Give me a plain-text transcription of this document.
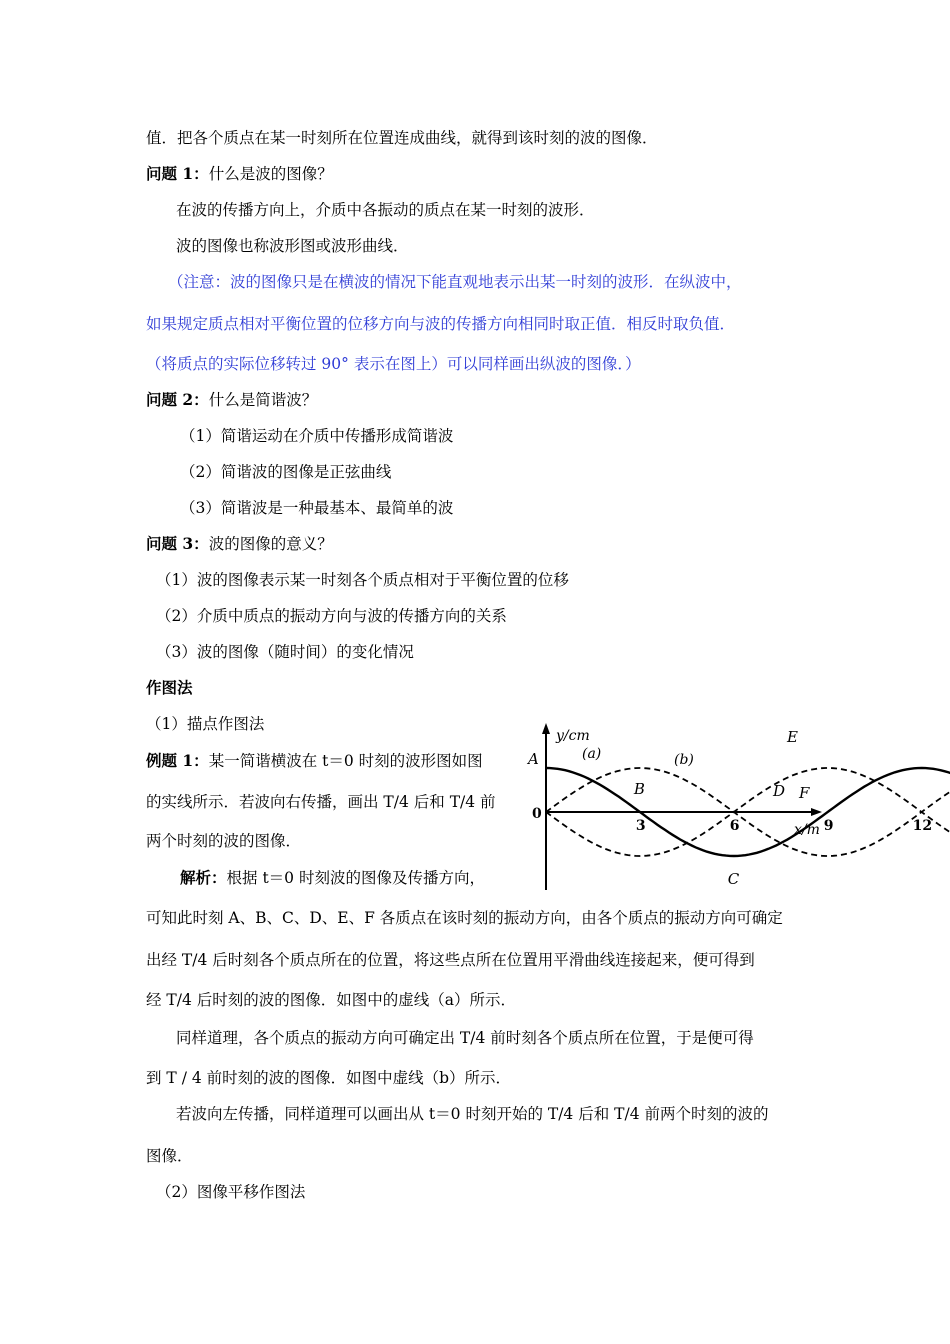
值．把各个质点在某一时刻所在位置连成曲线，就得到该时刻的波的图像．
问题 1：什么是波的图像？
在波的传播方向上，介质中各振动的质点在某一时刻的波形．
波的图像也称波形图或波形曲线．
（注意：波的图像只是在横波的情况下能直观地表示出某一时刻的波形．在纵波中，
如果规定质点相对平衡位置的位移方向与波的传播方向相同时取正值．相反时取负值．
（将质点的实际位移转过 90° 表示在图上）可以同样画出纵波的图像．）
问题 2：什么是简谐波？
（1）简谐运动在介质中传播形成简谐波
（2）简谐波的图像是正弦曲线
（3）简谐波是一种最基本、最简单的波
问题 3：波的图像的意义？
（1）波的图像表示某一时刻各个质点相对于平衡位置的位移
（2）介质中质点的振动方向与波的传播方向的关系
（3）波的图像（随时间）的变化情况
作图法
（1）描点作图法
例题 1：某一简谐横波在 t＝0 时刻的波形图如图
的实线所示．若波向右传播，画出 T/4 后和 T/4 前
两个时刻的波的图像．
解析：根据 t＝0 时刻波的图像及传播方向，
可知此时刻 A、B、C、D、E、F 各质点在该时刻的振动方向，由各个质点的振动方向可确定
出经 T/4 后时刻各个质点所在的位置，将这些点所在位置用平滑曲线连接起来，便可得到
经 T/4 后时刻的波的图像．如图中的虚线（a）所示．
同样道理，各个质点的振动方向可确定出 T/4 前时刻各个质点所在位置，于是便可得
到 T / 4 前时刻的波的图像．如图中虚线（b）所示．
若波向左传播，同样道理可以画出从 t＝0 时刻开始的 T/4 后和 T/4 前两个时刻的波的
图像．
（2）图像平移作图法
y/cm
x/m
0
3	6	9	12
A
B
C
D
E
F
(a)	(b)
